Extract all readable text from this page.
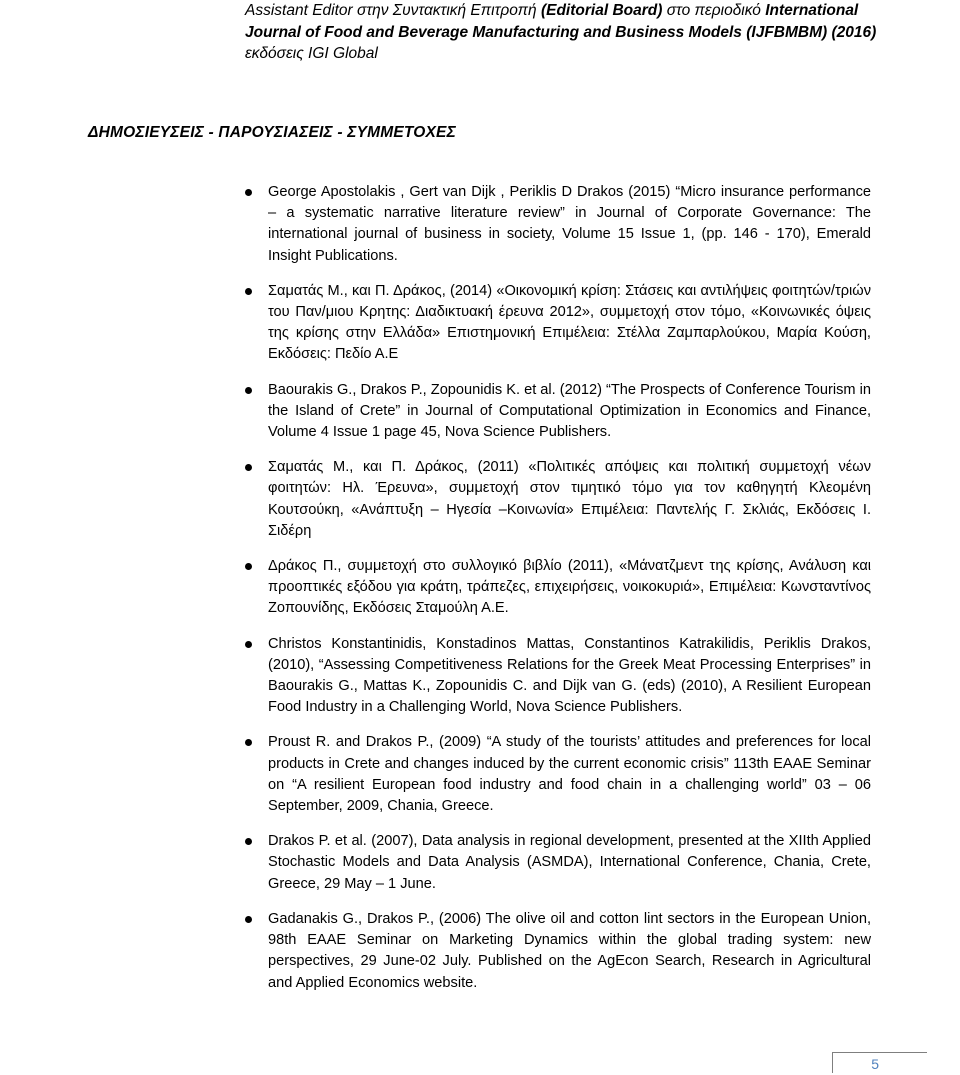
Assistant Editor στην Συντακτική Επιτροπή (Editorial Board) στο περιοδικό International
Journal of Food and Beverage Manufacturing and Business Models (IJFBMBM) (2016)
εκδόσεις IGI Global
ΔΗΜΟΣΙΕΥΣΕΙΣ - ΠΑΡΟΥΣΙΑΣΕΙΣ - ΣΥΜΜΕΤΟΧΕΣ
George Apostolakis , Gert van Dijk , Periklis D Drakos (2015) “Micro insurance performance – a systematic narrative literature review” in Journal of Corporate Governance: The international journal of business in society, Volume 15 Issue 1, (pp. 146 - 170), Emerald Insight Publications.
Σαματάς Μ., και Π. Δράκος, (2014) «Οικονομική κρίση: Στάσεις και αντιλήψεις φοιτητών/τριών του Παν/μιου Κρητης: Διαδικτυακή έρευνα 2012», συμμετοχή στον τόμο, «Κοινωνικές όψεις της κρίσης στην Ελλάδα» Επιστημονική Επιμέλεια: Στέλλα Ζαμπαρλούκου, Μαρία Κούση, Εκδόσεις: Πεδίο Α.Ε
Baourakis G., Drakos P., Zopounidis K. et al. (2012) “The Prospects of Conference Tourism in the Island of Crete” in Journal of Computational Optimization in Economics and Finance, Volume 4 Issue 1 page 45, Nova Science Publishers.
Σαματάς Μ., και Π. Δράκος, (2011) «Πολιτικές απόψεις και πολιτική συμμετοχή νέων φοιτητών: Ηλ. Έρευνα», συμμετοχή στον τιμητικό τόμο για τον καθηγητή Κλεομένη Κουτσούκη, «Ανάπτυξη – Ηγεσία –Κοινωνία» Επιμέλεια: Παντελής Γ. Σκλιάς, Εκδόσεις Ι. Σιδέρη
Δράκος Π., συμμετοχή στο συλλογικό βιβλίο (2011), «Μάνατζμεντ της κρίσης, Ανάλυση και προοπτικές εξόδου για κράτη, τράπεζες, επιχειρήσεις, νοικοκυριά», Επιμέλεια: Κωνσταντίνος Ζοπουνίδης, Εκδόσεις Σταμούλη Α.Ε.
Christos Konstantinidis, Konstadinos Mattas, Constantinos Katrakilidis, Periklis Drakos, (2010), “Assessing Competitiveness Relations for the Greek Meat Processing Enterprises” in Baourakis G., Mattas K., Zopounidis C. and Dijk van G. (eds) (2010), A Resilient European Food Industry in a Challenging World, Nova Science Publishers.
Proust R. and Drakos P., (2009) “A study of the tourists’ attitudes and preferences for local products in Crete and changes induced by the current economic crisis” 113th EAAE Seminar on “A resilient European food industry and food chain in a challenging world” 03 – 06 September, 2009, Chania, Greece.
Drakos P. et al. (2007), Data analysis in regional development, presented at the XIIth Applied Stochastic Models and Data Analysis (ASMDA), International Conference, Chania, Crete, Greece, 29 May – 1 June.
Gadanakis G., Drakos P., (2006) The olive oil and cotton lint sectors in the European Union, 98th EAAE Seminar on Marketing Dynamics within the global trading system: new perspectives, 29 June-02 July. Published on the AgEcon Search, Research in Agricultural and Applied Economics website.
5
